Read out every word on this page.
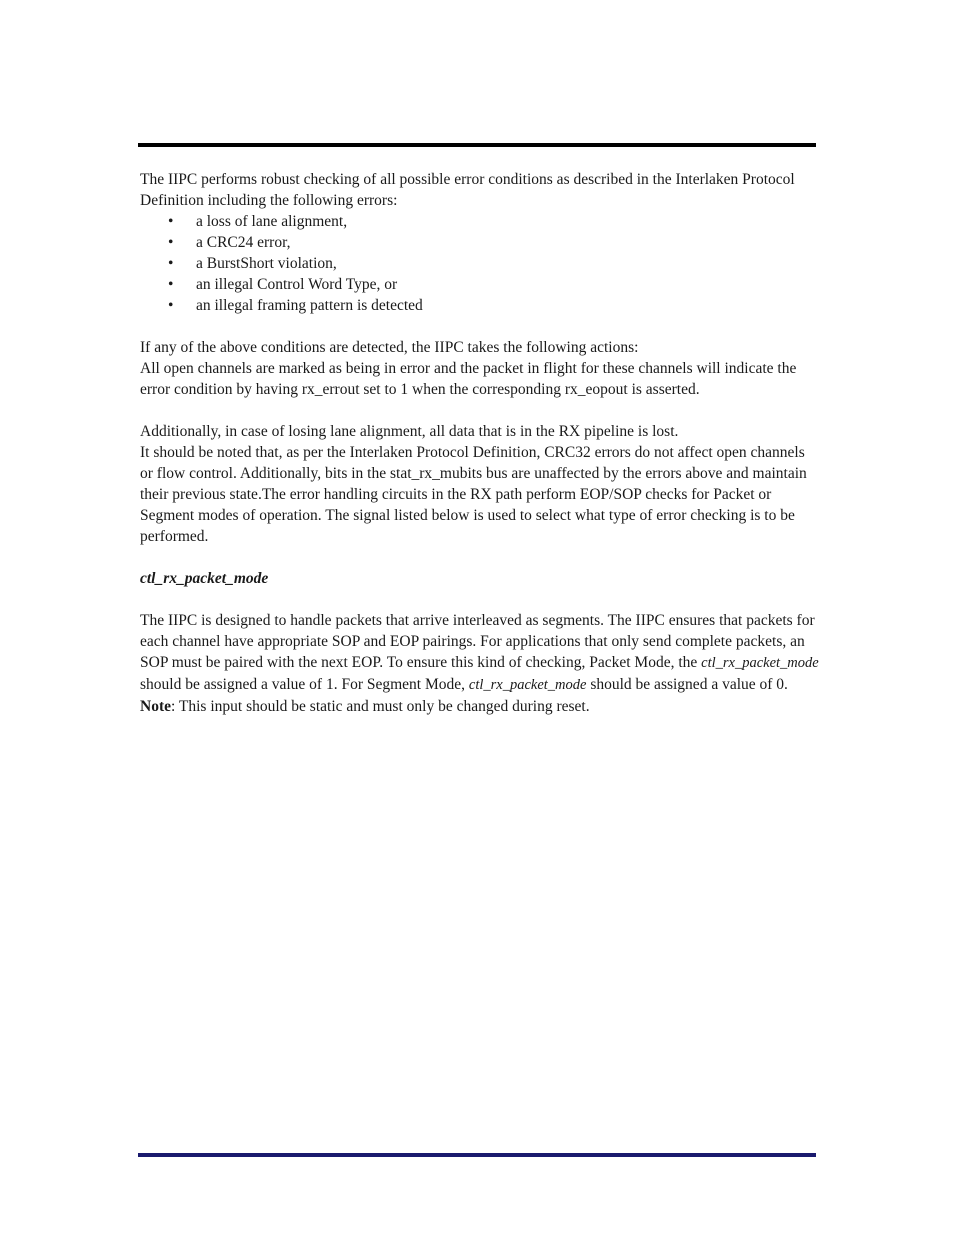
The IIPC performs robust checking of all possible error conditions as described in the Interlaken Protocol Definition including the following errors:

• a loss of lane alignment,
• a CRC24 error,
• a BurstShort violation,
• an illegal Control Word Type, or
• an illegal framing pattern is detected

If any of the above conditions are detected, the IIPC takes the following actions:

All open channels are marked as being in error and the packet in flight for these channels will indicate the error condition by having rx_errout set to 1 when the corresponding rx_eopout is asserted.

Additionally, in case of losing lane alignment, all data that is in the RX pipeline is lost.

It should be noted that, as per the Interlaken Protocol Definition, CRC32 errors do not affect open channels or flow control. Additionally, bits in the stat_rx_mubits bus are unaffected by the errors above and maintain their previous state.The error handling circuits in the RX path perform EOP/SOP checks for Packet or Segment modes of operation. The signal listed below is used to select what type of error checking is to be performed.

ctl_rx_packet_mode

The IIPC is designed to handle packets that arrive interleaved as segments. The IIPC ensures that packets for each channel have appropriate SOP and EOP pairings. For applications that only send complete packets, an SOP must be paired with the next EOP. To ensure this kind of checking, Packet Mode, the ctl_rx_packet_mode should be assigned a value of 1. For Segment Mode, ctl_rx_packet_mode should be assigned a value of 0.

Note: This input should be static and must only be changed during reset.
